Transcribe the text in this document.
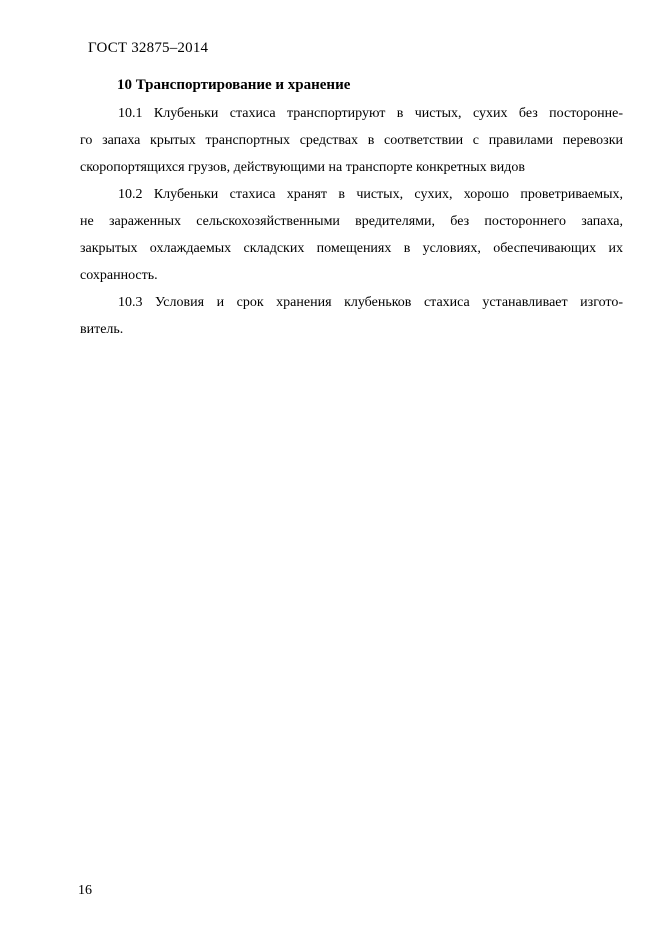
ГОСТ 32875–2014
10 Транспортирование и хранение
10.1 Клубеньки стахиса транспортируют в чистых, сухих без посторонне-
го запаха крытых транспортных средствах в соответствии с правилами перевозки
скоропортящихся грузов, действующими на транспорте конкретных видов
10.2 Клубеньки стахиса хранят в чистых, сухих, хорошо проветриваемых,
не зараженных сельскохозяйственными вредителями, без постороннего запаха,
закрытых охлаждаемых складских помещениях в условиях, обеспечивающих их
сохранность.
10.3 Условия и срок хранения клубеньков стахиса устанавливает изгото-
витель.
16
